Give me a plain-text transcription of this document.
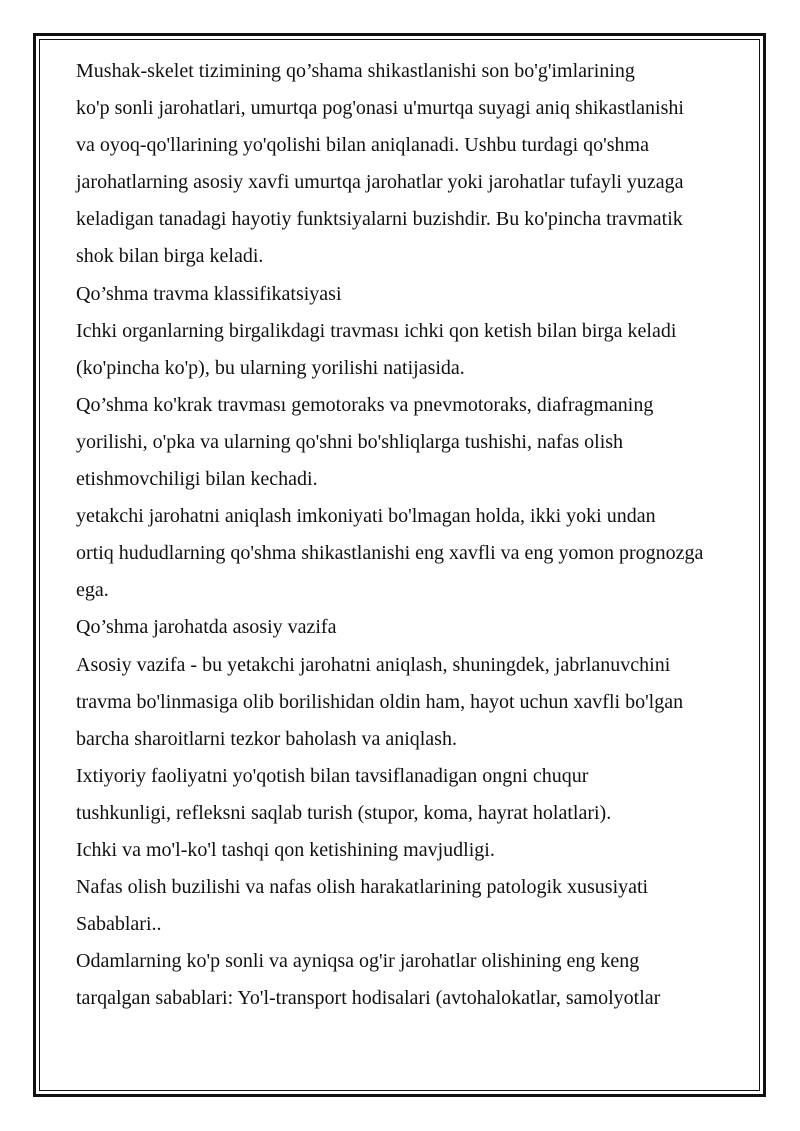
Mushak-skelet tizimining qo’shama shikastlanishi son bo'g'imlarining
ko'p sonli jarohatlari, umurtqa pog'onasi u'murtqa suyagi aniq shikastlanishi
va oyoq-qo'llarining yo'qolishi bilan aniqlanadi. Ushbu turdagi qo'shma
jarohatlarning asosiy xavfi umurtqa jarohatlar yoki jarohatlar tufayli yuzaga
keladigan tanadagi hayotiy funktsiyalarni buzishdir. Bu ko'pincha travmatik
shok bilan birga keladi.

Qo’shma travma klassifikatsiyasi

Ichki organlarning birgalikdagi travması ichki qon ketish bilan birga keladi
(ko'pincha ko'p), bu ularning yorilishi natijasida.

Qo’shma ko'krak travması gemotoraks va pnevmotoraks, diafragmaning
yorilishi, o'pka va ularning qo'shni bo'shliqlarga tushishi, nafas olish
etishmovchiligi bilan kechadi.

yetakchi jarohatni aniqlash imkoniyati bo'lmagan holda, ikki yoki undan
ortiq hududlarning qo'shma shikastlanishi eng xavfli va eng yomon prognozga
ega.

Qo’shma jarohatda asosiy vazifa

Asosiy vazifa - bu yetakchi jarohatni aniqlash, shuningdek, jabrlanuvchini
travma bo'linmasiga olib borilishidan oldin ham, hayot uchun xavfli bo'lgan
barcha sharoitlarni tezkor baholash va aniqlash.

Ixtiyoriy faoliyatni yo'qotish bilan tavsiflanadigan ongni chuqur
tushkunligi, refleksni saqlab turish (stupor, koma, hayrat holatlari).

Ichki va mo'l-ko'l tashqi qon ketishining mavjudligi.

Nafas olish buzilishi va nafas olish harakatlarining patologik xususiyati

Sabablari..

Odamlarning ko'p sonli va ayniqsa og'ir jarohatlar olishining eng keng
tarqalgan sabablari: Yo'l-transport hodisalari (avtohalokatlar, samolyotlar
